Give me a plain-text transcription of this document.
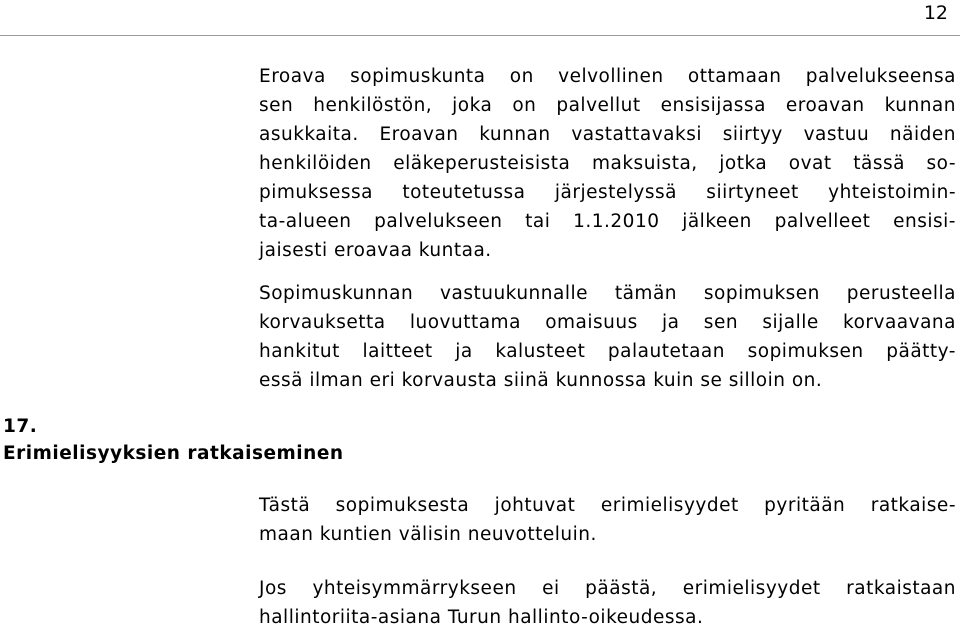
12
Eroava sopimuskunta on velvollinen ottamaan palvelukseensa
sen henkilöstön, joka on palvellut ensisijassa eroavan kunnan
asukkaita. Eroavan kunnan vastattavaksi siirtyy vastuu näiden
henkilöiden eläkeperusteisista maksuista, jotka ovat tässä so-
pimuksessa toteutetussa järjestelyssä siirtyneet yhteistoimin-
ta-alueen palvelukseen tai 1.1.2010 jälkeen palvelleet ensisi-
jaisesti eroavaa kuntaa.
Sopimuskunnan vastuukunnalle tämän sopimuksen perusteella
korvauksetta luovuttama omaisuus ja sen sijalle korvaavana
hankitut laitteet ja kalusteet palautetaan sopimuksen päätty-
essä ilman eri korvausta siinä kunnossa kuin se silloin on.
17.
Erimielisyyksien ratkaiseminen
Tästä sopimuksesta johtuvat erimielisyydet pyritään ratkaise-
maan kuntien välisin neuvotteluin.
Jos yhteisymmärrykseen ei päästä, erimielisyydet ratkaistaan
hallintoriita-asiana Turun hallinto-oikeudessa.
